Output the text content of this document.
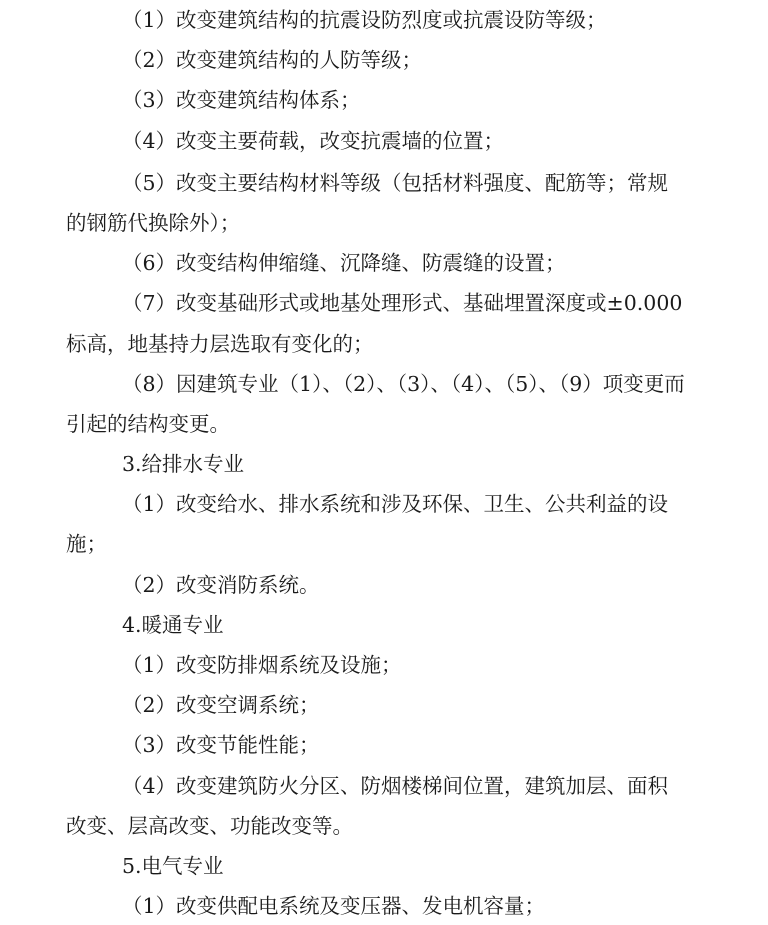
（1）改变建筑结构的抗震设防烈度或抗震设防等级；
（2）改变建筑结构的人防等级；
（3）改变建筑结构体系；
（4）改变主要荷载，改变抗震墙的位置；
（5）改变主要结构材料等级（包括材料强度、配筋等；常规
的钢筋代换除外）；
（6）改变结构伸缩缝、沉降缝、防震缝的设置；
（7）改变基础形式或地基处理形式、基础埋置深度或±0.000
标高，地基持力层选取有变化的；
（8）因建筑专业（1）、（2）、（3）、（4）、（5）、（9）项变更而
引起的结构变更。
3.给排水专业
（1）改变给水、排水系统和涉及环保、卫生、公共利益的设
施；
（2）改变消防系统。
4.暖通专业
（1）改变防排烟系统及设施；
（2）改变空调系统；
（3）改变节能性能；
（4）改变建筑防火分区、防烟楼梯间位置，建筑加层、面积
改变、层高改变、功能改变等。
5.电气专业
（1）改变供配电系统及变压器、发电机容量；
